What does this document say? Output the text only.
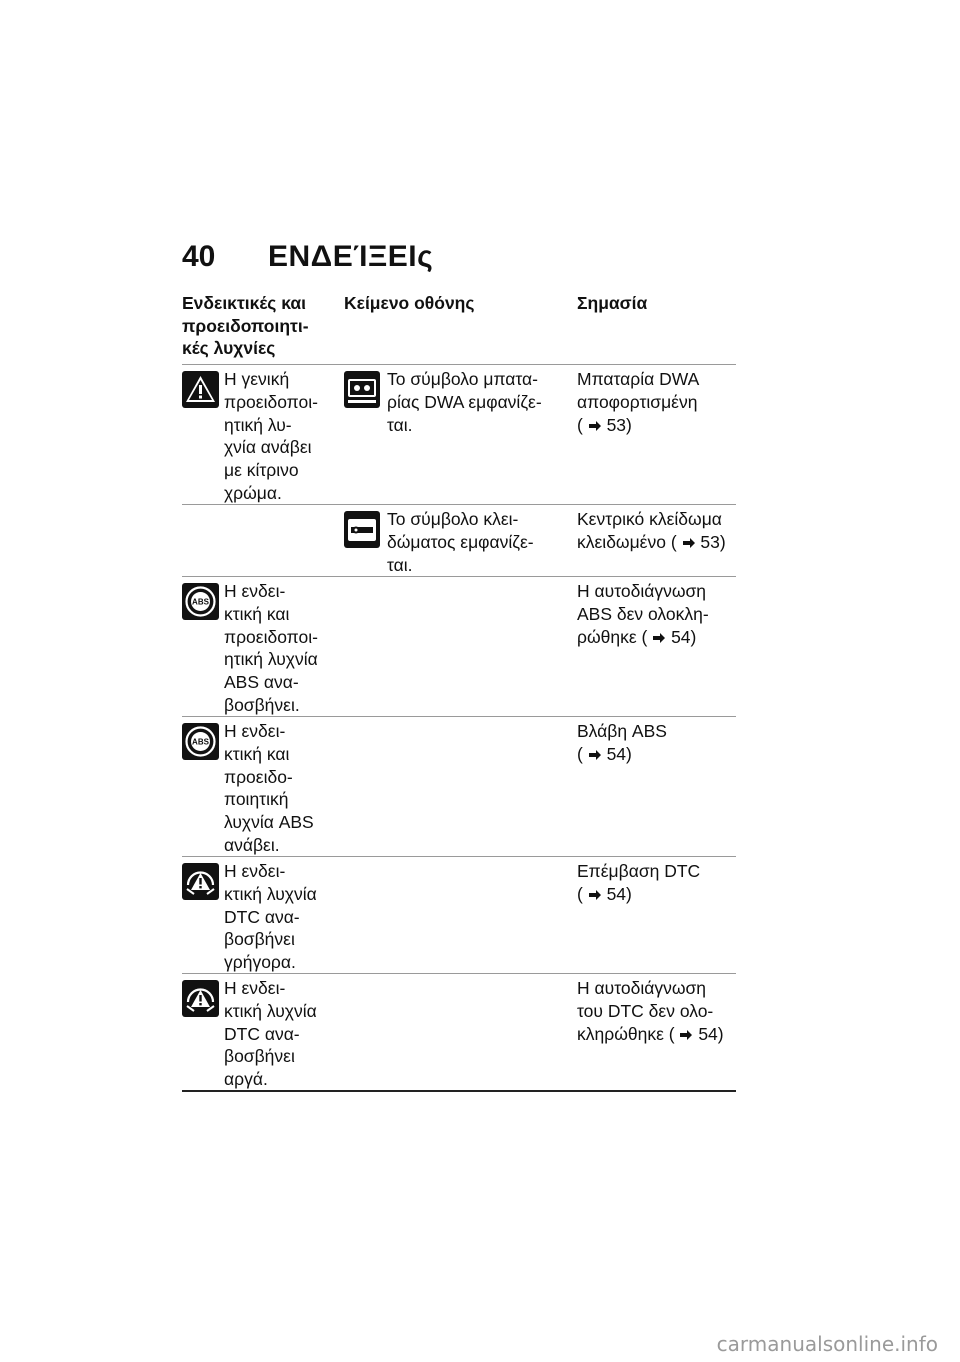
40	ΕΝΔΕΊΞΕΙς
Ενδεικτικές και
προειδοποιητι-
κές λυχνίες
Κείμενο οθόνης	Σημασία
Η γενική
προειδοποι-
ητική λυ-
χνία ανάβει
με κίτρινο
χρώμα.
Το σύμβολο μπατα-
ρίας DWA εμφανίζε-
ται.
Μπαταρία DWA
αποφορτισμένη
( 53)
Το σύμβολο κλει-
δώματος εμφανίζε-
ται.
Κεντρικό κλείδωμα
κλειδωμένο ( 53)
ABS
Η ενδει-
κτική και
προειδοποι-
ητική λυχνία
ABS ανα-
βοσβήνει.
Η αυτοδιάγνωση
ABS δεν ολοκλη-
ρώθηκε ( 54)
ABS
Η ενδει-
κτική και
προειδο-
ποιητική
λυχνία ABS
ανάβει.
Βλάβη ABS
( 54)
Η ενδει-
κτική λυχνία
DTC ανα-
βοσβήνει
γρήγορα.
Επέμβαση DTC
( 54)
Η ενδει-
κτική λυχνία
DTC ανα-
βοσβήνει
αργά.
Η αυτοδιάγνωση
του DTC δεν ολο-
κληρώθηκε ( 54)
carmanualsonline.info
